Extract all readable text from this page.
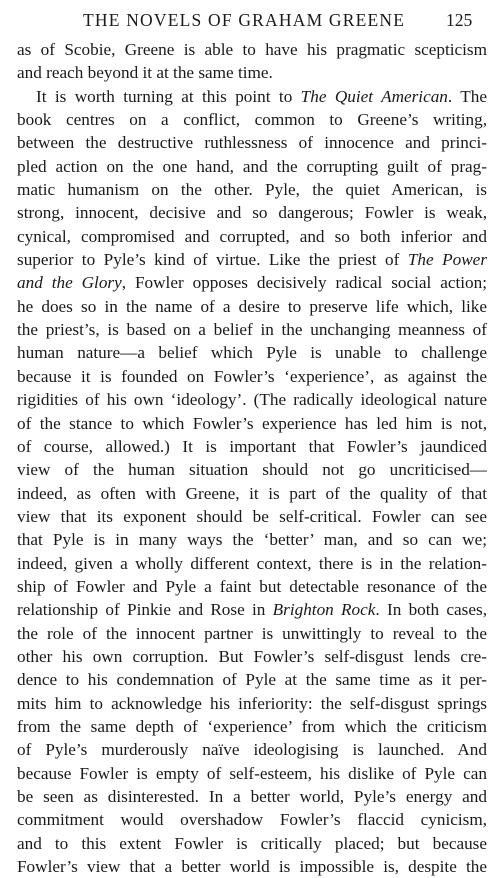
THE NOVELS OF GRAHAM GREENE 125
as of Scobie, Greene is able to have his pragmatic scepticism
and reach beyond it at the same time.
It is worth turning at this point to The Quiet American. The
book centres on a conflict, common to Greene’s writing,
between the destructive ruthlessness of innocence and princi-
pled action on the one hand, and the corrupting guilt of prag-
matic humanism on the other. Pyle, the quiet American, is
strong, innocent, decisive and so dangerous; Fowler is weak,
cynical, compromised and corrupted, and so both inferior and
superior to Pyle’s kind of virtue. Like the priest of The Power
and the Glory, Fowler opposes decisively radical social action;
he does so in the name of a desire to preserve life which, like
the priest’s, is based on a belief in the unchanging meanness of
human nature—a belief which Pyle is unable to challenge
because it is founded on Fowler’s ‘experience’, as against the
rigidities of his own ‘ideology’. (The radically ideological nature
of the stance to which Fowler’s experience has led him is not,
of course, allowed.) It is important that Fowler’s jaundiced
view of the human situation should not go uncriticised—
indeed, as often with Greene, it is part of the quality of that
view that its exponent should be self-critical. Fowler can see
that Pyle is in many ways the ‘better’ man, and so can we;
indeed, given a wholly different context, there is in the relation-
ship of Fowler and Pyle a faint but detectable resonance of the
relationship of Pinkie and Rose in Brighton Rock. In both cases,
the role of the innocent partner is unwittingly to reveal to the
other his own corruption. But Fowler’s self-disgust lends cre-
dence to his condemnation of Pyle at the same time as it per-
mits him to acknowledge his inferiority: the self-disgust springs
from the same depth of ‘experience’ from which the criticism
of Pyle’s murderously naïve ideologising is launched. And
because Fowler is empty of self-esteem, his dislike of Pyle can
be seen as disinterested. In a better world, Pyle’s energy and
commitment would overshadow Fowler’s flaccid cynicism,
and to this extent Fowler is critically placed; but because
Fowler’s view that a better world is impossible is, despite the
